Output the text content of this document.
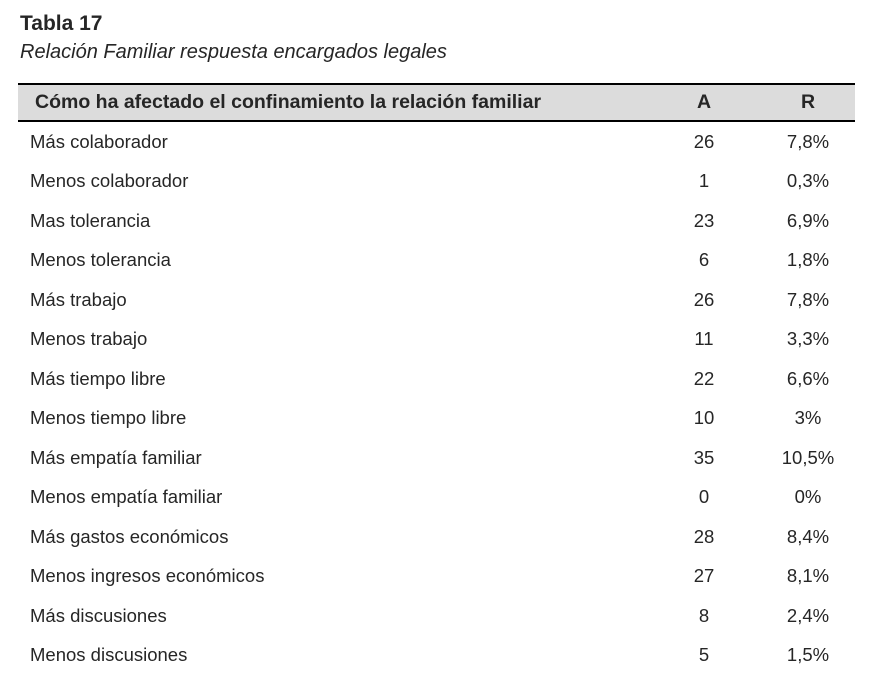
Tabla 17
Relación Familiar respuesta encargados legales
Cómo ha afectado el confinamiento la relación familiar	A	R
Más colaborador	26	7,8%
Menos colaborador	1	0,3%
Mas tolerancia	23	6,9%
Menos tolerancia	6	1,8%
Más trabajo	26	7,8%
Menos trabajo	11	3,3%
Más tiempo libre	22	6,6%
Menos tiempo libre	10	3%
Más empatía familiar	35	10,5%
Menos empatía familiar	0	0%
Más gastos económicos	28	8,4%
Menos ingresos económicos	27	8,1%
Más discusiones	8	2,4%
Menos discusiones	5	1,5%
